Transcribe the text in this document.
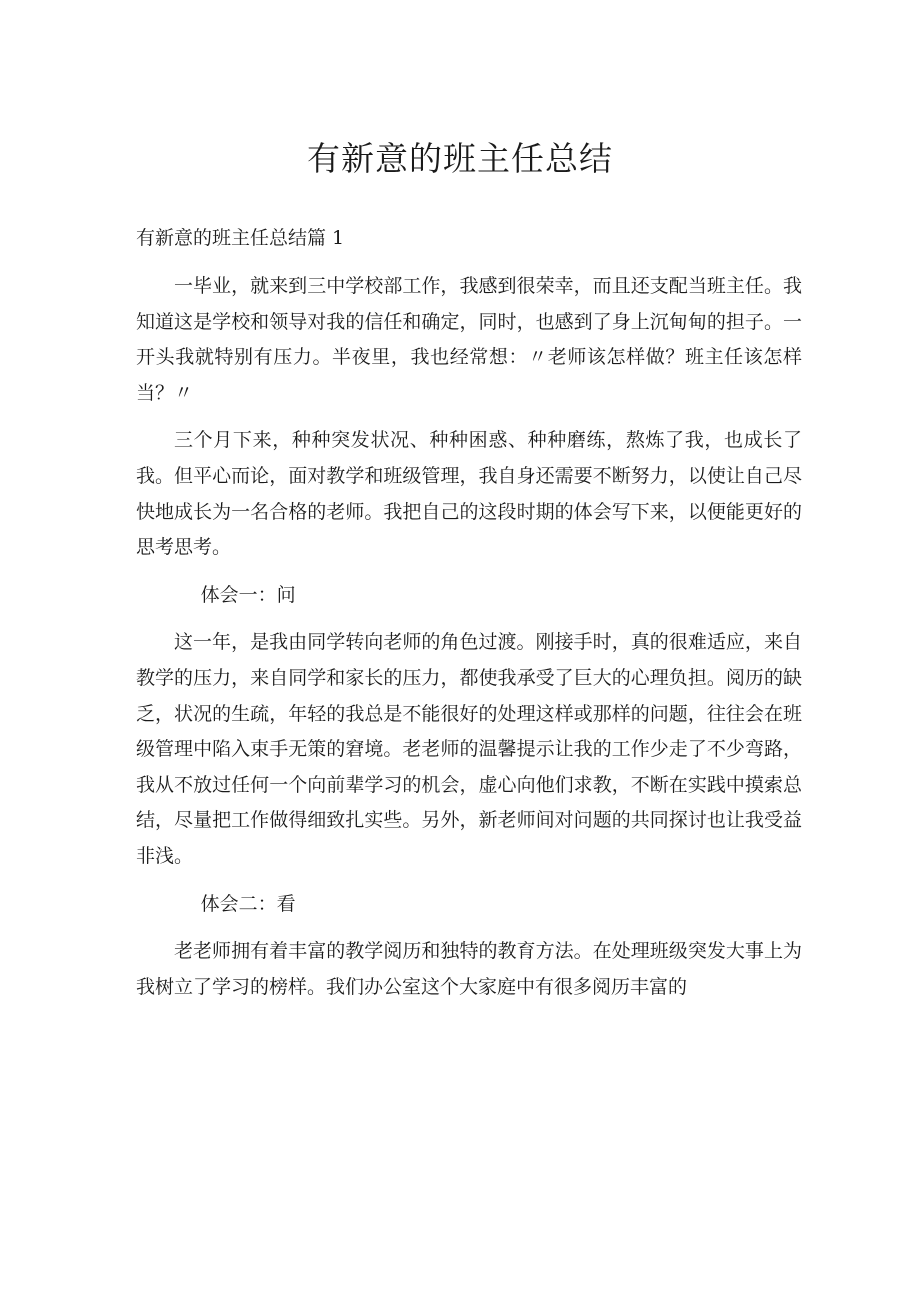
有新意的班主任总结
有新意的班主任总结篇 1

一毕业，就来到三中学校部工作，我感到很荣幸，而且还支配当班主任。我知道这是学校和领导对我的信任和确定，同时，也感到了身上沉甸甸的担子。一开头我就特别有压力。半夜里，我也经常想：〃老师该怎样做？班主任该怎样当？〃

三个月下来，种种突发状况、种种困惑、种种磨练，熬炼了我，也成长了我。但平心而论，面对教学和班级管理，我自身还需要不断努力，以使让自己尽快地成长为一名合格的老师。我把自己的这段时期的体会写下来，以便能更好的思考思考。

体会一：问

这一年，是我由同学转向老师的角色过渡。刚接手时，真的很难适应，来自教学的压力，来自同学和家长的压力，都使我承受了巨大的心理负担。阅历的缺乏，状况的生疏，年轻的我总是不能很好的处理这样或那样的问题，往往会在班级管理中陷入束手无策的窘境。老老师的温馨提示让我的工作少走了不少弯路，我从不放过任何一个向前辈学习的机会，虚心向他们求教，不断在实践中摸索总结，尽量把工作做得细致扎实些。另外，新老师间对问题的共同探讨也让我受益非浅。

体会二：看

老老师拥有着丰富的教学阅历和独特的教育方法。在处理班级突发大事上为我树立了学习的榜样。我们办公室这个大家庭中有很多阅历丰富的
